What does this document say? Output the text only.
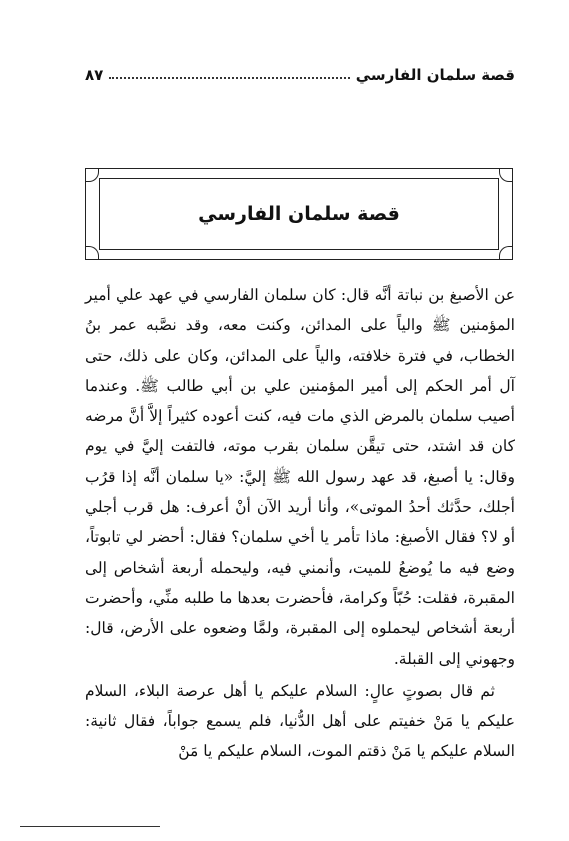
قصة سلمان الفارسي
٨٧
قصة سلمان الفارسي

عن الأصبغ بن نباتة أنَّه قال: كان سلمان الفارسي في عهد علي أمير المؤمنين ﷺ والياً على المدائن، وكنت معه، وقد نصَّبه عمر بنُ الخطاب، في فترة خلافته، والياً على المدائن، وكان على ذلك، حتى آل أمر الحكم إلى أمير المؤمنين علي بن أبي طالب ﷺ. وعندما أصيب سلمان بالمرض الذي مات فيه، كنت أعوده كثيراً إلاَّ أنَّ مرضه كان قد اشتد، حتى تيقَّن سلمان بقرب موته، فالتفت إليَّ في يوم وقال: يا أصبغ، قد عهد رسول الله ﷺ إليَّ: «يا سلمان أنَّه إذا قرُب أجلك، حدَّثك أحدُ الموتى»، وأنا أريد الآن أنْ أعرف: هل قرب أجلي أو لا؟ فقال الأصبغ: ماذا تأمر يا أخي سلمان؟ فقال: أحضر لي تابوتاً، وضع فيه ما يُوضعُ للميت، وأنمني فيه، وليحمله أربعة أشخاص إلى المقبرة، فقلت: حُبّاً وكرامة، فأحضرت بعدها ما طلبه منِّي، وأحضرت أربعة أشخاص ليحملوه إلى المقبرة، ولمَّا وضعوه على الأرض، قال: وجهوني إلى القبلة.

ثم قال بصوتٍ عالٍ: السلام عليكم يا أهل عرصة البلاء، السلام عليكم يا مَنْ خفيتم على أهل الدُّنيا، فلم يسمع جواباً، فقال ثانية: السلام عليكم يا مَنْ ذقتم الموت، السلام عليكم يا مَنْ
